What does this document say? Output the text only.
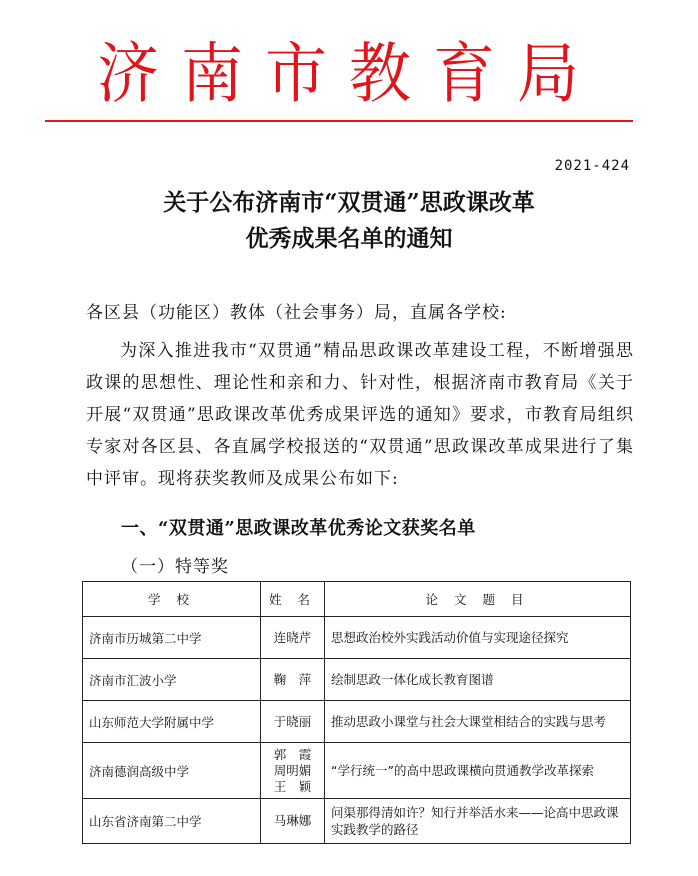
济南市教育局
2021-424
关于公布济南市“双贯通”思政课改革
优秀成果名单的通知
各区县（功能区）教体（社会事务）局，直属各学校:
为深入推进我市“双贯通”精品思政课改革建设工程，不断增强思政课的思想性、理论性和亲和力、针对性，根据济南市教育局《关于开展“双贯通”思政课改革优秀成果评选的通知》要求，市教育局组织专家对各区县、各直属学校报送的“双贯通”思政课改革成果进行了集中评审。现将获奖教师及成果公布如下:
一、“双贯通”思政课改革优秀论文获奖名单
（一）特等奖
学 校	姓 名	论 文 题 目
济南市历城第二中学	连晓芹	思想政治校外实践活动价值与实现途径探究
济南市汇波小学	鞠　萍	绘制思政一体化成长教育图谱
山东师范大学附属中学	于晓丽	推动思政小课堂与社会大课堂相结合的实践与思考
济南德润高级中学	郭　霞
周明媚
王　颖	“学行统一”的高中思政课横向贯通教学改革探索
山东省济南第二中学	马琳娜	问渠那得清如许？知行并举活水来——论高中思政课实践教学的路径
